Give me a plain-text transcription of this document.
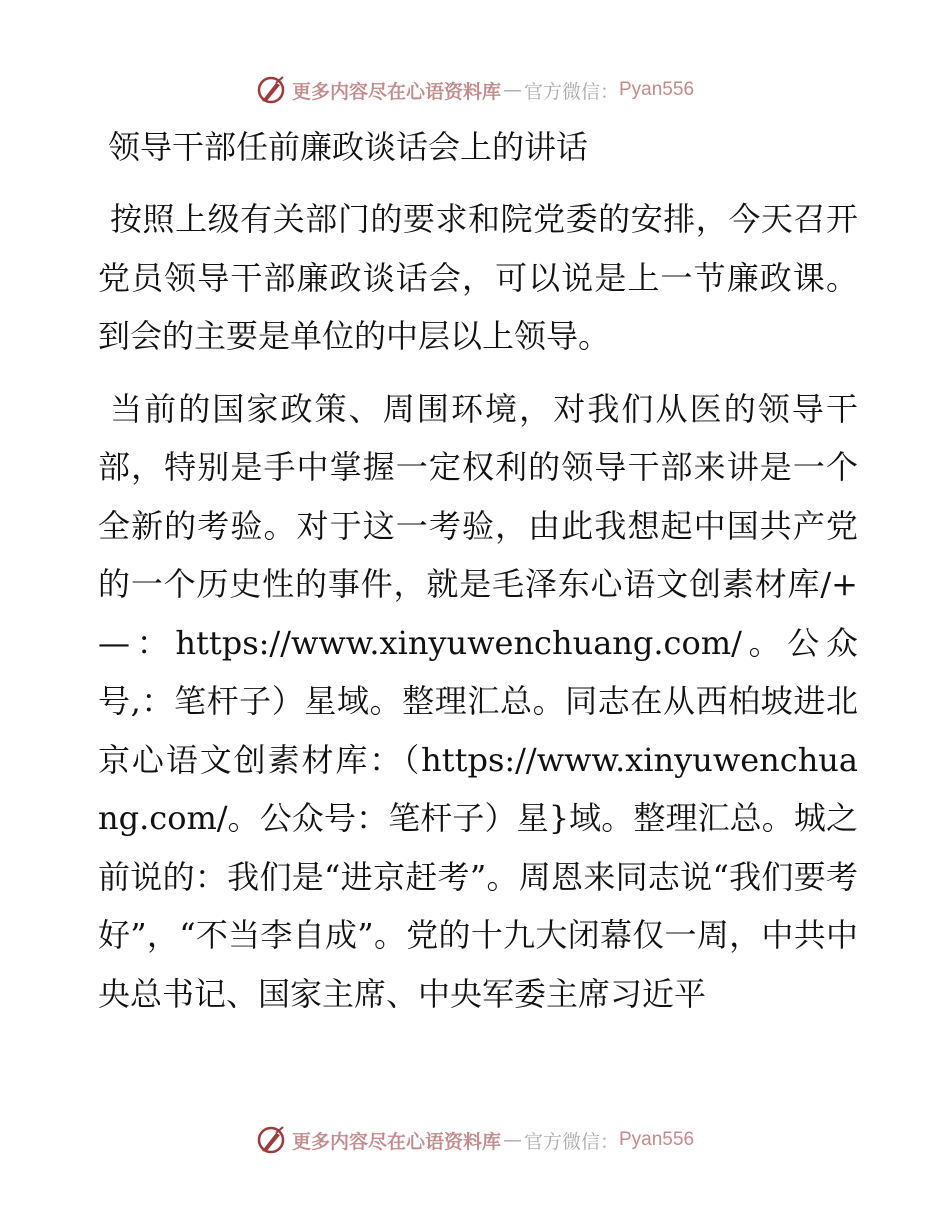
更多内容尽在心语资料库 — 官方微信： Pyan556
领导干部任前廉政谈话会上的讲话

按照上级有关部门的要求和院党委的安排，今天召开党员领导干部廉政谈话会，可以说是上一节廉政课。到会的主要是单位的中层以上领导。

当前的国家政策、周围环境，对我们从医的领导干部，特别是手中掌握一定权利的领导干部来讲是一个全新的考验。对于这一考验，由此我想起中国共产党的一个历史性的事件，就是毛泽东心语文创素材库/+—：https://www.xinyuwenchuang.com/。公众号,：笔杆子）星域。整理汇总。同志在从西柏坡进北京心语文创素材库：（https://www.xinyuwenchuang.com/。公众号：笔杆子）星}域。整理汇总。城之前说的：我们是“进京赶考”。周恩来同志说“我们要考好”，“不当李自成”。党的十九大闭幕仅一周，中共中央总书记、国家主席、中央军委主席习近平

更多内容尽在心语资料库 — 官方微信： Pyan556
